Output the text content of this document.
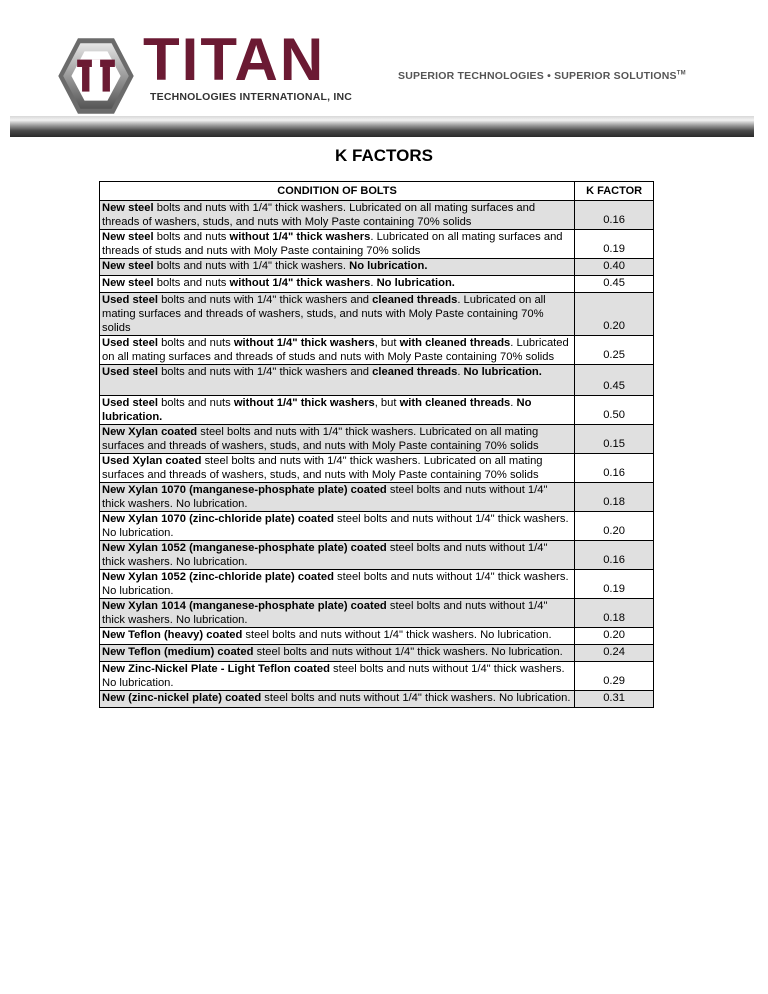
TITAN
TECHNOLOGIES INTERNATIONAL, INC
SUPERIOR TECHNOLOGIES • SUPERIOR SOLUTIONS™
K FACTORS
CONDITION OF BOLTS	K FACTOR
New steel bolts and nuts with 1/4" thick washers. Lubricated on all mating surfaces and threads of washers, studs, and nuts with Moly Paste containing 70% solids	0.16
New steel bolts and nuts without 1/4" thick washers. Lubricated on all mating surfaces and threads of studs and nuts with Moly Paste containing 70% solids	0.19
New steel bolts and nuts with 1/4" thick washers. No lubrication.	0.40
New steel bolts and nuts without 1/4" thick washers. No lubrication.	0.45
Used steel bolts and nuts with 1/4" thick washers and cleaned threads. Lubricated on all mating surfaces and threads of washers, studs, and nuts with Moly Paste containing 70% solids	0.20
Used steel bolts and nuts without 1/4" thick washers, but with cleaned threads. Lubricated on all mating surfaces and threads of studs and nuts with Moly Paste containing 70% solids	0.25
Used steel bolts and nuts with 1/4" thick washers and cleaned threads. No lubrication.	0.45
Used steel bolts and nuts without 1/4" thick washers, but with cleaned threads. No lubrication.	0.50
New Xylan coated steel bolts and nuts with 1/4" thick washers. Lubricated on all mating surfaces and threads of washers, studs, and nuts with Moly Paste containing 70% solids	0.15
Used Xylan coated steel bolts and nuts with 1/4" thick washers. Lubricated on all mating surfaces and threads of washers, studs, and nuts with Moly Paste containing 70% solids	0.16
New Xylan 1070 (manganese-phosphate plate) coated steel bolts and nuts without 1/4" thick washers. No lubrication.	0.18
New Xylan 1070 (zinc-chloride plate) coated steel bolts and nuts without 1/4" thick washers. No lubrication.	0.20
New Xylan 1052 (manganese-phosphate plate) coated steel bolts and nuts without 1/4" thick washers. No lubrication.	0.16
New Xylan 1052 (zinc-chloride plate) coated steel bolts and nuts without 1/4" thick washers. No lubrication.	0.19
New Xylan 1014 (manganese-phosphate plate) coated steel bolts and nuts without 1/4" thick washers. No lubrication.	0.18
New Teflon (heavy) coated steel bolts and nuts without 1/4" thick washers. No lubrication.	0.20
New Teflon (medium) coated steel bolts and nuts without 1/4" thick washers. No lubrication.	0.24
New Zinc-Nickel Plate - Light Teflon coated steel bolts and nuts without 1/4" thick washers. No lubrication.	0.29
New (zinc-nickel plate) coated steel bolts and nuts without 1/4" thick washers. No lubrication.	0.31
